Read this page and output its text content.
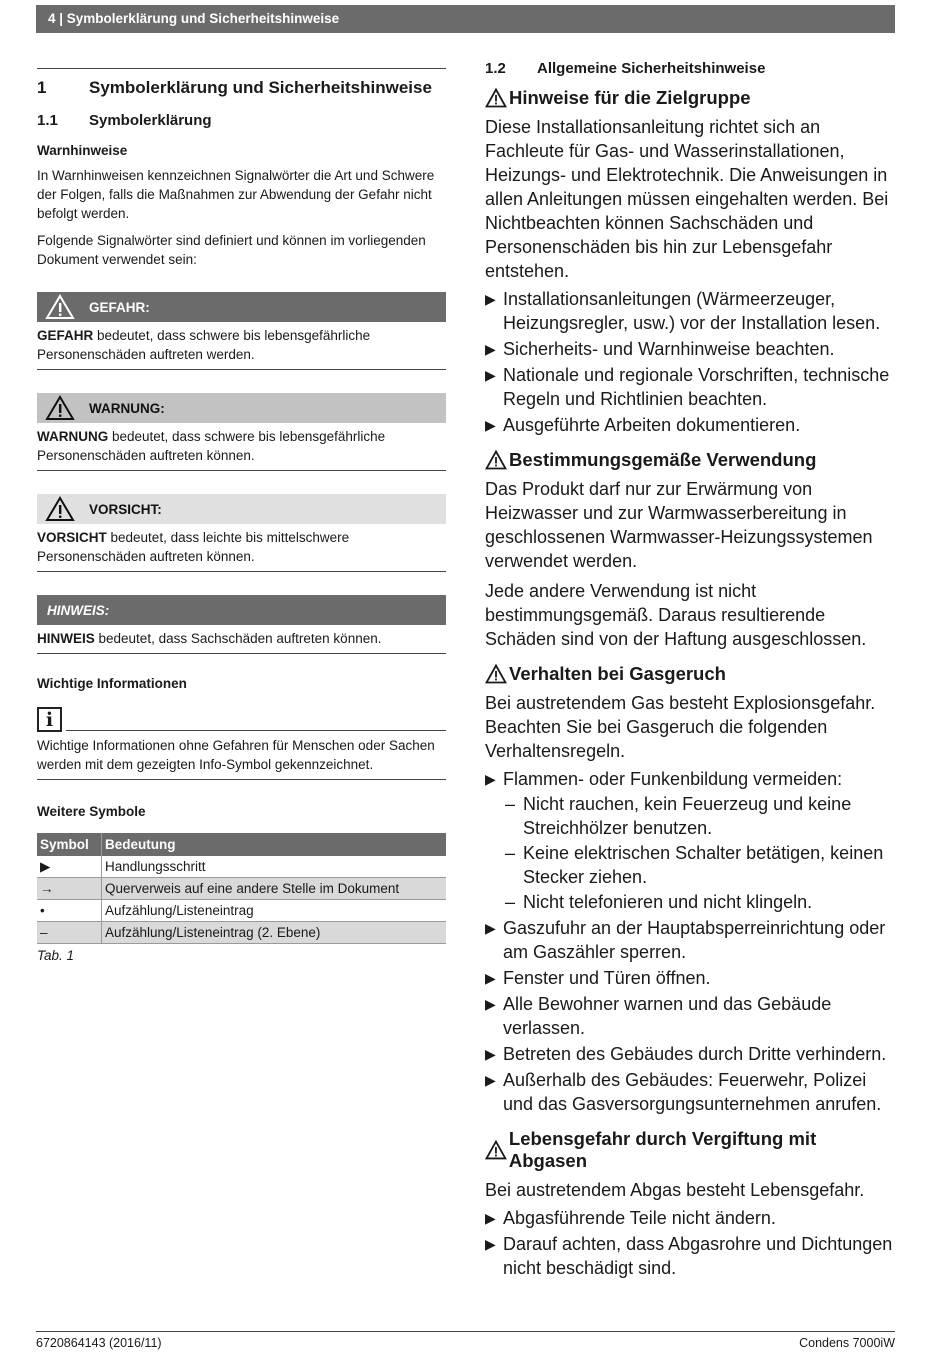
4 | Symbolerklärung und Sicherheitshinweise
1	Symbolerklärung und Sicherheitshinweise
1.1	Symbolerklärung
Warnhinweise
In Warnhinweisen kennzeichnen Signalwörter die Art und Schwere der Folgen, falls die Maßnahmen zur Abwendung der Gefahr nicht befolgt werden.
Folgende Signalwörter sind definiert und können im vorliegenden Dokument verwendet sein:
GEFAHR:
GEFAHR bedeutet, dass schwere bis lebensgefährliche Personenschäden auftreten werden.
WARNUNG:
WARNUNG bedeutet, dass schwere bis lebensgefährliche Personenschäden auftreten können.
VORSICHT:
VORSICHT bedeutet, dass leichte bis mittelschwere Personenschäden auftreten können.
HINWEIS:
HINWEIS bedeutet, dass Sachschäden auftreten können.
Wichtige Informationen
i
Wichtige Informationen ohne Gefahren für Menschen oder Sachen werden mit dem gezeigten Info-Symbol gekennzeichnet.
Weitere Symbole
Symbol	Bedeutung
▶	Handlungsschritt
→	Querverweis auf eine andere Stelle im Dokument
•	Aufzählung/Listeneintrag
–	Aufzählung/Listeneintrag (2. Ebene)
Tab. 1
1.2	Allgemeine Sicherheitshinweise
Hinweise für die Zielgruppe
Diese Installationsanleitung richtet sich an Fachleute für Gas- und Wasserinstallationen, Heizungs- und Elektrotechnik. Die Anweisungen in allen Anleitungen müssen eingehalten werden. Bei Nichtbeachten können Sachschäden und Personenschäden bis hin zur Lebensgefahr entstehen.
▶ Installationsanleitungen (Wärmeerzeuger, Heizungsregler, usw.) vor der Installation lesen.
▶ Sicherheits- und Warnhinweise beachten.
▶ Nationale und regionale Vorschriften, technische Regeln und Richtlinien beachten.
▶ Ausgeführte Arbeiten dokumentieren.
Bestimmungsgemäße Verwendung
Das Produkt darf nur zur Erwärmung von Heizwasser und zur Warmwasserbereitung in geschlossenen Warmwasser-Heizungssystemen verwendet werden.
Jede andere Verwendung ist nicht bestimmungsgemäß. Daraus resultierende Schäden sind von der Haftung ausgeschlossen.
Verhalten bei Gasgeruch
Bei austretendem Gas besteht Explosionsgefahr. Beachten Sie bei Gasgeruch die folgenden Verhaltensregeln.
▶ Flammen- oder Funkenbildung vermeiden:
– Nicht rauchen, kein Feuerzeug und keine Streichhölzer benutzen.
– Keine elektrischen Schalter betätigen, keinen Stecker ziehen.
– Nicht telefonieren und nicht klingeln.
▶ Gaszufuhr an der Hauptabsperreinrichtung oder am Gaszähler sperren.
▶ Fenster und Türen öffnen.
▶ Alle Bewohner warnen und das Gebäude verlassen.
▶ Betreten des Gebäudes durch Dritte verhindern.
▶ Außerhalb des Gebäudes: Feuerwehr, Polizei und das Gasversorgungsunternehmen anrufen.
Lebensgefahr durch Vergiftung mit Abgasen
Bei austretendem Abgas besteht Lebensgefahr.
▶ Abgasführende Teile nicht ändern.
▶ Darauf achten, dass Abgasrohre und Dichtungen nicht beschädigt sind.
6720864143 (2016/11)	Condens 7000iW
